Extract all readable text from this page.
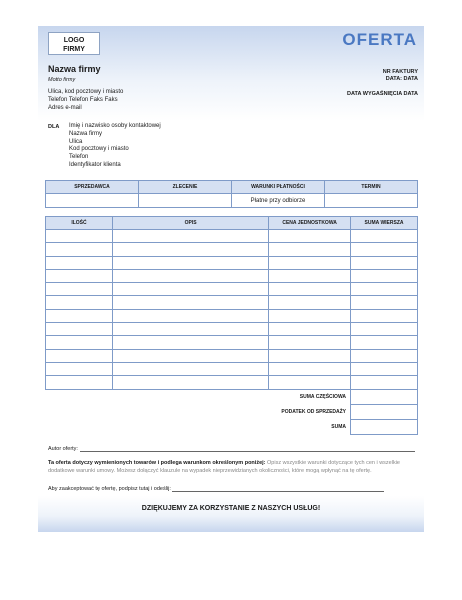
LOGO
FIRMY
OFERTA
Nazwa firmy
Motto firmy
NR FAKTURY
DATA: DATA
DATA WYGAŚNIĘCIA DATA
Ulica, kod pocztowy i miasto
Telefon Telefon Faks Faks
Adres e-mail
DLA Imię i nazwisko osoby kontaktowej
Nazwa firmy
Ulica
Kod pocztowy i miasto
Telefon
Identyfikator klienta
SPRZEDAWCA	ZLECENIE	WARUNKI PŁATNOŚCI	TERMIN
		Płatne przy odbiorze	
ILOŚĆ	OPIS	CENA JEDNOSTKOWA	SUMA WIERSZA

		SUMA CZĘŚCIOWA	
		PODATEK OD SPRZEDAŻY	
		SUMA	
Autor oferty:
Ta oferta dotyczy wymienionych towarów i podlega warunkom określonym poniżej: Opisz wszystkie warunki dotyczące tych cen i wszelkie dodatkowe warunki umowy. Możesz dołączyć klauzule na wypadek nieprzewidzianych okoliczności, które mogą wpłynąć na tę ofertę.
Aby zaakceptować tę ofertę, podpisz tutaj i odeślij:
DZIĘKUJEMY ZA KORZYSTANIE Z NASZYCH USŁUG!
